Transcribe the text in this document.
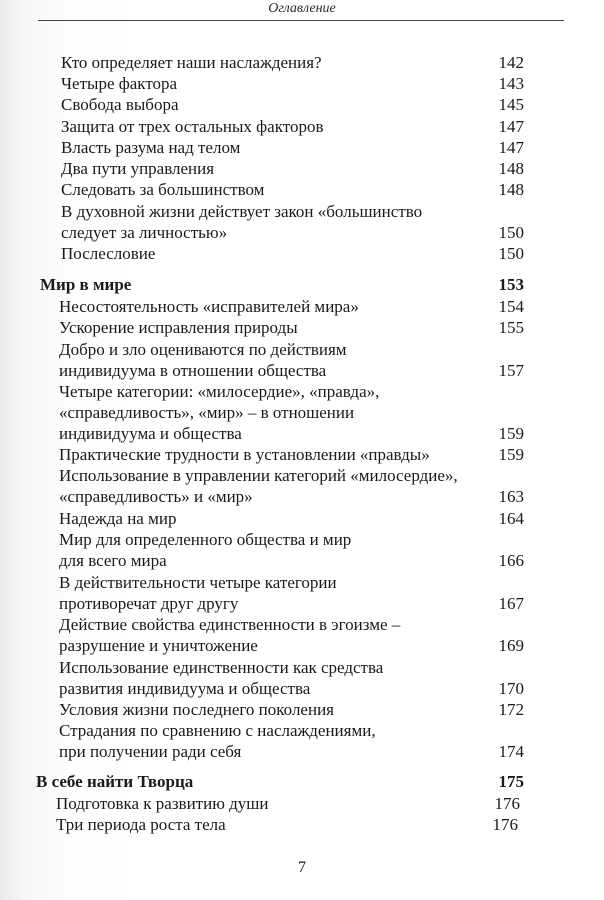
Оглавление
Кто определяет наши наслаждения?	142
Четыре фактора	143
Свобода выбора	145
Защита от трех остальных факторов	147
Власть разума над телом	147
Два пути управления	148
Следовать за большинством	148
В духовной жизни действует закон «большинство
следует за личностью»	150
Послесловие	150
Мир в мире	153
Несостоятельность «исправителей мира»	154
Ускорение исправления природы	155
Добро и зло оцениваются по действиям
индивидуума в отношении общества	157
Четыре категории: «милосердие», «правда»,
«справедливость», «мир» – в отношении
индивидуума и общества	159
Практические трудности в установлении «правды»	159
Использование в управлении категорий «милосердие»,
«справедливость» и «мир»	163
Надежда на мир	164
Мир для определенного общества и мир
для всего мира	166
В действительности четыре категории
противоречат друг другу	167
Действие свойства единственности в эгоизме –
разрушение и уничтожение	169
Использование единственности как средства
развития индивидуума и общества	170
Условия жизни последнего поколения	172
Страдания по сравнению с наслаждениями,
при получении ради себя	174
В себе найти Творца	175
Подготовка к развитию души	176
Три периода роста тела	176
7
